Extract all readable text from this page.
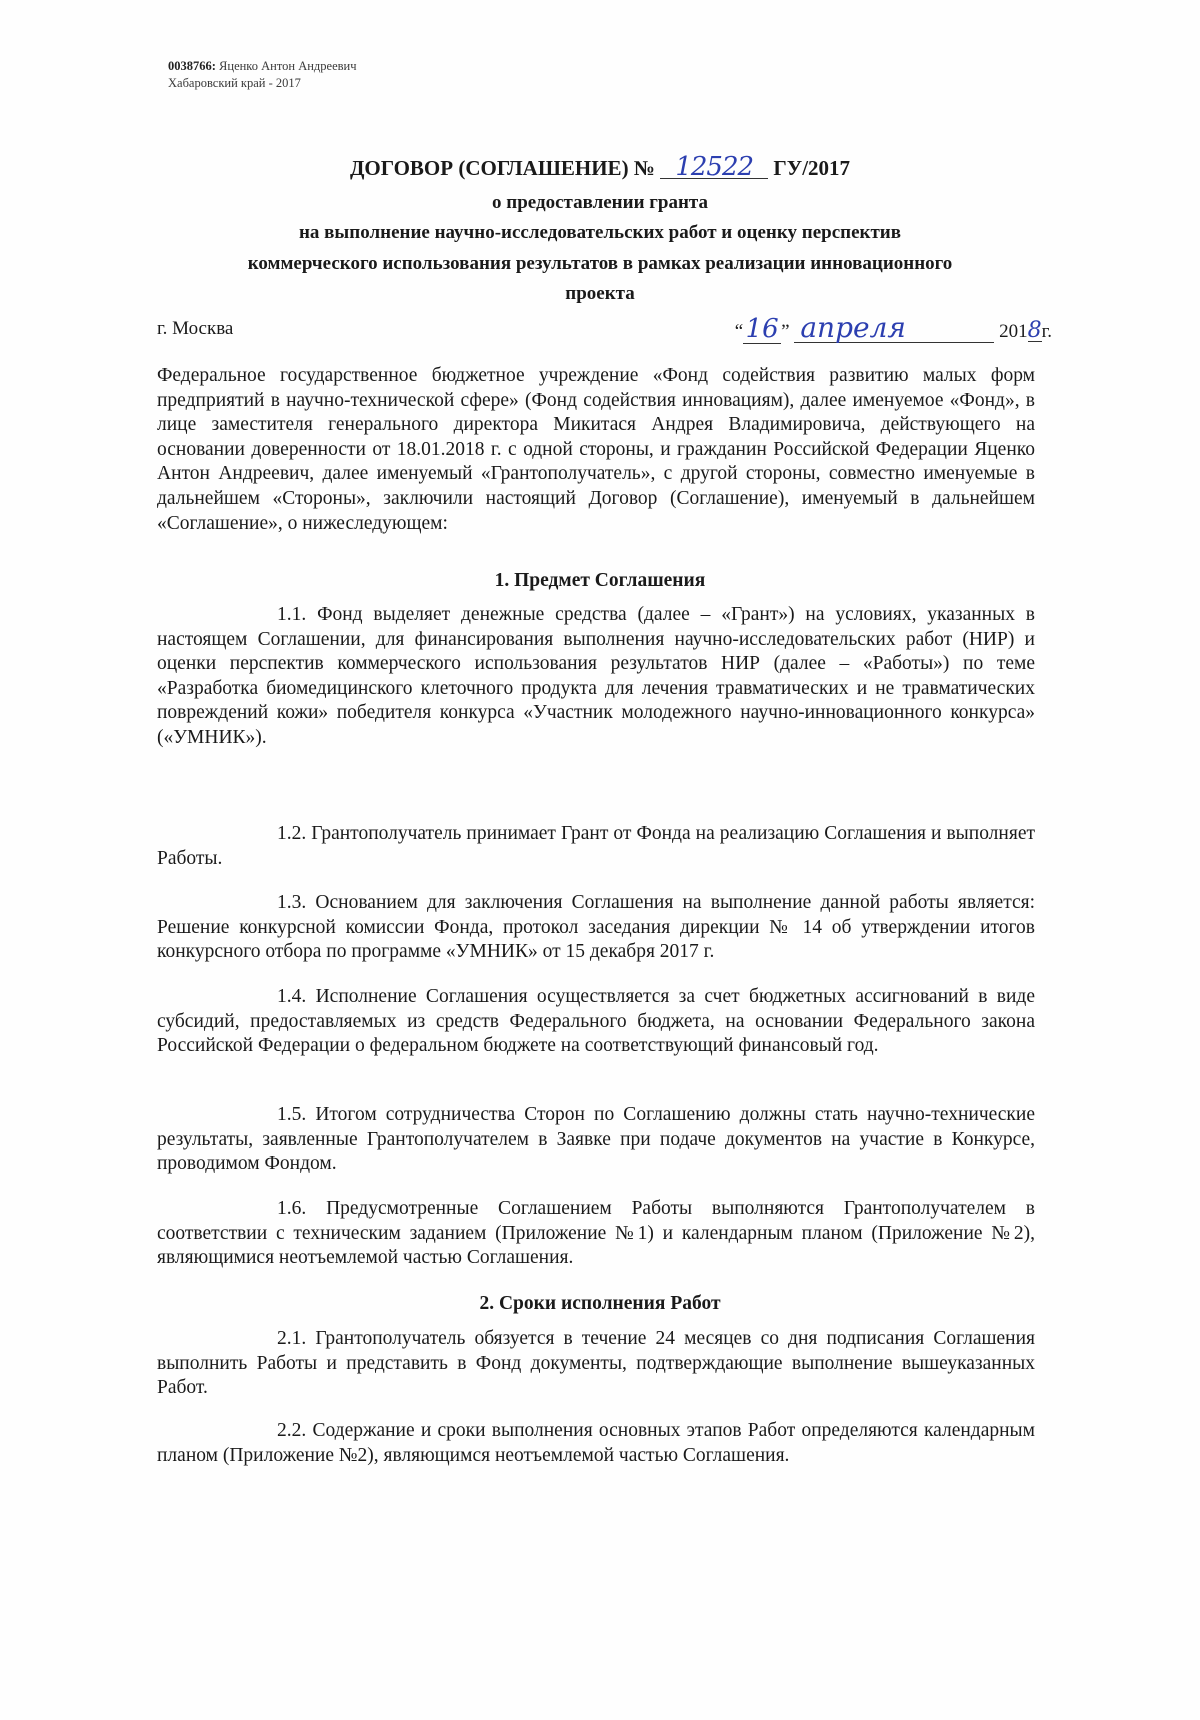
0038766: Яценко Антон Андреевич
Хабаровский край - 2017
ДОГОВОР (СОГЛАШЕНИЕ) № 12522 ГУ/2017
о предоставлении гранта
на выполнение научно-исследовательских работ и оценку перспектив
коммерческого использования результатов в рамках реализации инновационного
проекта
г. Москва	“16 ” апреля	2018г.

Федеральное государственное бюджетное учреждение «Фонд содействия развитию малых форм предприятий в научно-технической сфере» (Фонд содействия инновациям), далее именуемое «Фонд», в лице заместителя генерального директора Микитася Андрея Владимировича, действующего на основании доверенности от 18.01.2018 г. с одной стороны, и гражданин Российской Федерации Яценко Антон Андреевич, далее именуемый «Грантополучатель», с другой стороны, совместно именуемые в дальнейшем «Стороны», заключили настоящий Договор (Соглашение), именуемый в дальнейшем «Соглашение», о нижеследующем:

1. Предмет Соглашения

1.1. Фонд выделяет денежные средства (далее – «Грант») на условиях, указанных в настоящем Соглашении, для финансирования выполнения научно-исследовательских работ (НИР) и оценки перспектив коммерческого использования результатов НИР (далее – «Работы») по теме «Разработка биомедицинского клеточного продукта для лечения травматических и не травматических повреждений кожи» победителя конкурса «Участник молодежного научно-инновационного конкурса» («УМНИК»).

1.2. Грантополучатель принимает Грант от Фонда на реализацию Соглашения и выполняет Работы.

1.3. Основанием для заключения Соглашения на выполнение данной работы является: Решение конкурсной комиссии Фонда, протокол заседания дирекции № 14 об утверждении итогов конкурсного отбора по программе «УМНИК» от 15 декабря 2017 г.

1.4. Исполнение Соглашения осуществляется за счет бюджетных ассигнований в виде субсидий, предоставляемых из средств Федерального бюджета, на основании Федерального закона Российской Федерации о федеральном бюджете на соответствующий финансовый год.

1.5. Итогом сотрудничества Сторон по Соглашению должны стать научно-технические результаты, заявленные Грантополучателем в Заявке при подаче документов на участие в Конкурсе, проводимом Фондом.

1.6. Предусмотренные Соглашением Работы выполняются Грантополучателем в соответствии с техническим заданием (Приложение №1) и календарным планом (Приложение №2), являющимися неотъемлемой частью Соглашения.

2. Сроки исполнения Работ

2.1. Грантополучатель обязуется в течение 24 месяцев со дня подписания Соглашения выполнить Работы и представить в Фонд документы, подтверждающие выполнение вышеуказанных Работ.

2.2. Содержание и сроки выполнения основных этапов Работ определяются календарным планом (Приложение №2), являющимся неотъемлемой частью Соглашения.
